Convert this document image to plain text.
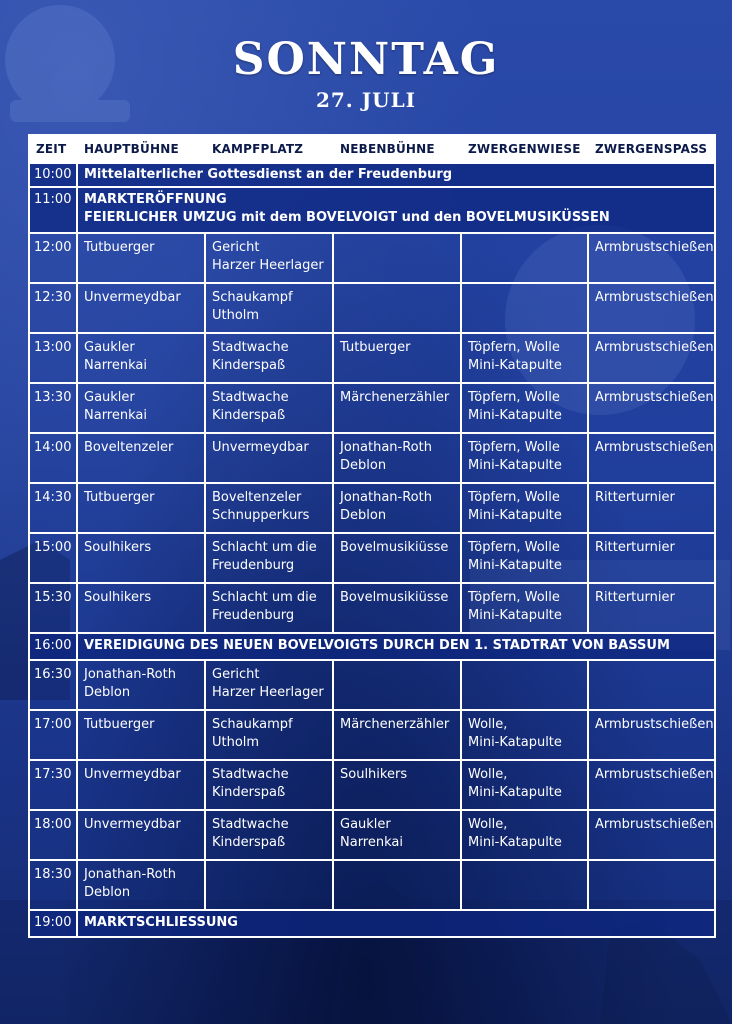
SONNTAG
27. JULI
ZEIT	HAUPTBÜHNE	KAMPFPLATZ	NEBENBÜHNE	ZWERGENWIESE	ZWERGENSPASS
10:00	Mittelalterlicher Gottesdienst an der Freudenburg				
11:00	MARKTERÖFFNUNG
FEIERLICHER UMZUG mit dem BOVELVOIGT und den BOVELMUSIKÜSSEN				
12:00	Tutbuerger	Gericht
Harzer Heerlager			Armbrustschießen
12:30	Unvermeydbar	Schaukampf
Utholm			Armbrustschießen
13:00	Gaukler Narrenkai	Stadtwache
Kinderspaß	Tutbuerger	Töpfern, Wolle
Mini-Katapulte	Armbrustschießen
13:30	Gaukler Narrenkai	Stadtwache
Kinderspaß	Märchenerzähler	Töpfern, Wolle
Mini-Katapulte	Armbrustschießen
14:00	Boveltenzeler	Unvermeydbar	Jonathan-Roth
Deblon	Töpfern, Wolle
Mini-Katapulte	Armbrustschießen
14:30	Tutbuerger	Boveltenzeler
Schnupperkurs	Jonathan-Roth
Deblon	Töpfern, Wolle
Mini-Katapulte	Ritterturnier
15:00	Soulhikers	Schlacht um die
Freudenburg	Bovelmusikiüsse	Töpfern, Wolle
Mini-Katapulte	Ritterturnier
15:30	Soulhikers	Schlacht um die
Freudenburg	Bovelmusikiüsse	Töpfern, Wolle
Mini-Katapulte	Ritterturnier
16:00	VEREIDIGUNG DES NEUEN BOVELVOIGTS DURCH DEN 1. STADTRAT VON BASSUM				
16:30	Jonathan-Roth
Deblon	Gericht
Harzer Heerlager			
17:00	Tutbuerger	Schaukampf
Utholm	Märchenerzähler	Wolle,
Mini-Katapulte	Armbrustschießen
17:30	Unvermeydbar	Stadtwache
Kinderspaß	Soulhikers	Wolle,
Mini-Katapulte	Armbrustschießen
18:00	Unvermeydbar	Stadtwache
Kinderspaß	Gaukler Narrenkai	Wolle,
Mini-Katapulte	Armbrustschießen
18:30	Jonathan-Roth
Deblon				
19:00	MARKTSCHLIESSUNG				
